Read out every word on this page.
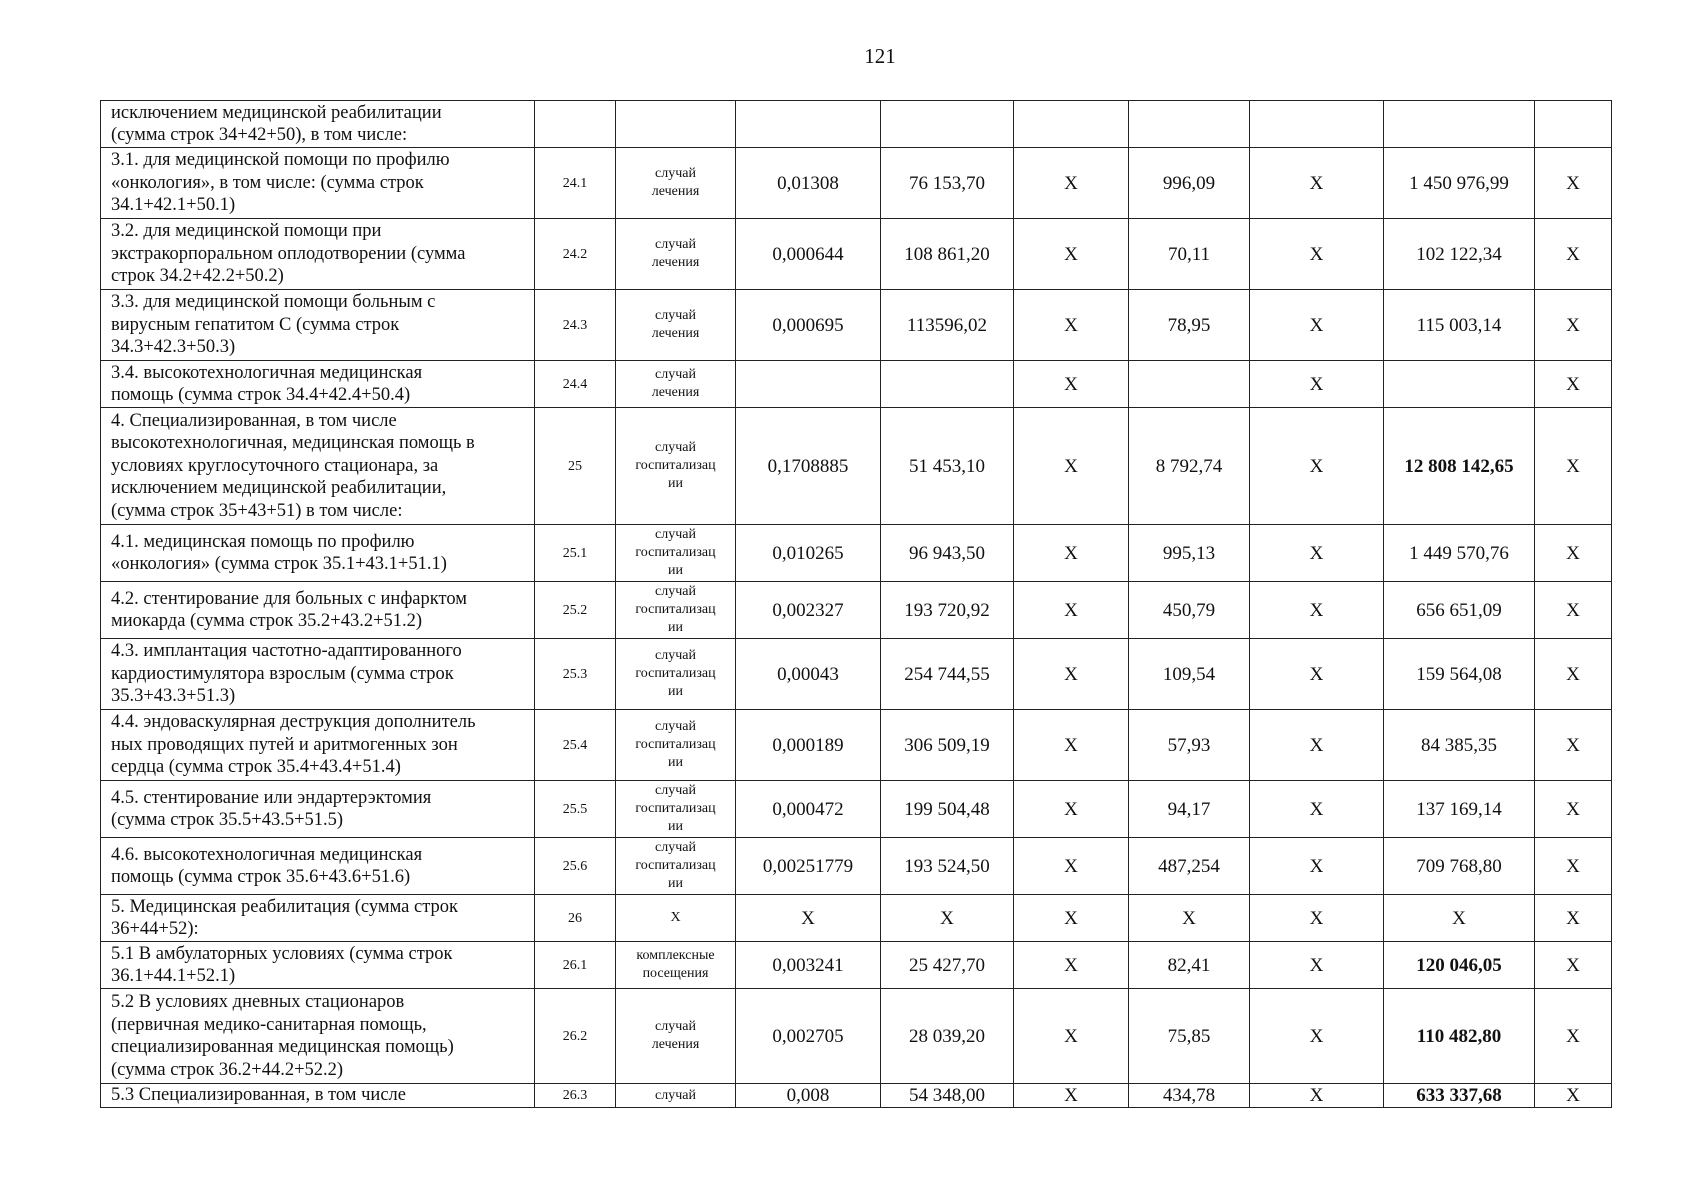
121
исключением медицинской реабилитации
(сумма строк 34+42+50), в том числе:									
3.1. для медицинской помощи по профилю
«онкология», в том числе: (сумма строк
34.1+42.1+50.1)	24.1	случай
лечения	0,01308	76 153,70	Х	996,09	Х	1 450 976,99	Х
3.2. для медицинской помощи при
экстракорпоральном оплодотворении (сумма
строк 34.2+42.2+50.2)	24.2	случай
лечения	0,000644	108 861,20	Х	70,11	Х	102 122,34	Х
3.3. для медицинской помощи больным с
вирусным гепатитом С (сумма строк
34.3+42.3+50.3)	24.3	случай
лечения	0,000695	113596,02	Х	78,95	Х	115 003,14	Х
3.4. высокотехнологичная медицинская
помощь (сумма строк 34.4+42.4+50.4)	24.4	случай
лечения			Х		Х		Х
4. Специализированная, в том числе
высокотехнологичная, медицинская помощь в
условиях круглосуточного стационара, за
исключением медицинской реабилитации,
(сумма строк 35+43+51) в том числе:	25	случай
госпитализац
ии	0,1708885	51 453,10	Х	8 792,74	Х	12 808 142,65	Х
4.1. медицинская помощь по профилю
«онкология» (сумма строк 35.1+43.1+51.1)	25.1	случай
госпитализац
ии	0,010265	96 943,50	Х	995,13	Х	1 449 570,76	Х
4.2. стентирование для больных с инфарктом
миокарда (сумма строк 35.2+43.2+51.2)	25.2	случай
госпитализац
ии	0,002327	193 720,92	Х	450,79	Х	656 651,09	Х
4.3. имплантация частотно-адаптированного
кардиостимулятора взрослым (сумма строк
35.3+43.3+51.3)	25.3	случай
госпитализац
ии	0,00043	254 744,55	Х	109,54	Х	159 564,08	Х
4.4. эндоваскулярная деструкция дополнитель
ных проводящих путей и аритмогенных зон
сердца (сумма строк 35.4+43.4+51.4)	25.4	случай
госпитализац
ии	0,000189	306 509,19	Х	57,93	Х	84 385,35	Х
4.5. стентирование или эндартерэктомия
(сумма строк 35.5+43.5+51.5)	25.5	случай
госпитализац
ии	0,000472	199 504,48	Х	94,17	Х	137 169,14	Х
4.6. высокотехнологичная медицинская
помощь (сумма строк 35.6+43.6+51.6)	25.6	случай
госпитализац
ии	0,00251779	193 524,50	Х	487,254	Х	709 768,80	Х
5. Медицинская реабилитация (сумма строк
36+44+52):	26	Х	Х	Х	Х	Х	Х	Х	Х
5.1 В амбулаторных условиях (сумма строк
36.1+44.1+52.1)	26.1	комплексные
посещения	0,003241	25 427,70	Х	82,41	Х	120 046,05	Х
5.2 В условиях дневных стационаров
(первичная медико-санитарная помощь,
специализированная медицинская помощь)
(сумма строк 36.2+44.2+52.2)	26.2	случай
лечения	0,002705	28 039,20	Х	75,85	Х	110 482,80	Х
5.3 Специализированная, в том числе	26.3	случай	0,008	54 348,00	Х	434,78	Х	633 337,68	Х
